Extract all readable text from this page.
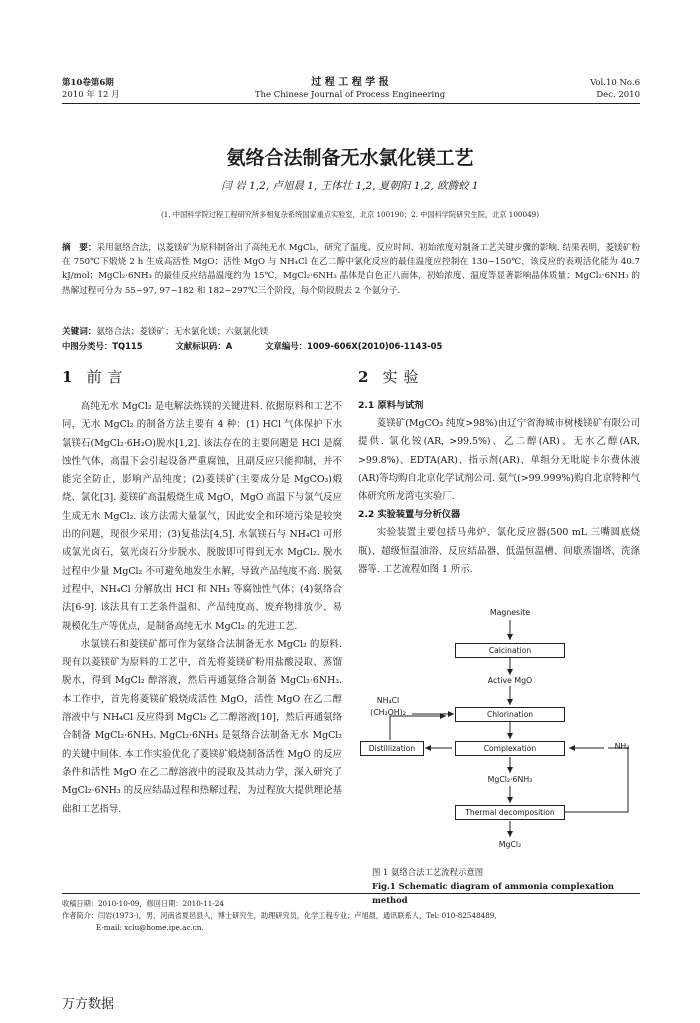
第10卷第6期
2010 年 12 月
过 程 工 程 学 报
The Chinese Journal of Process Engineering
Vol.10 No.6
Dec. 2010
氨络合法制备无水氯化镁工艺
闫 岩 1,2, 卢旭晨 1, 王体壮 1,2, 夏朝阳 1,2, 欧腾蛟 1
(1. 中国科学院过程工程研究所多相复杂系统国家重点实验室，北京 100190；2. 中国科学院研究生院，北京 100049)
摘　要：采用氨络合法，以菱镁矿为原料制备出了高纯无水 MgCl₂，研究了温度、反应时间、初始浓度对制备工艺关键步骤的影响. 结果表明，菱镁矿粉在 750℃下煅烧 2 h 生成高活性 MgO；活性 MgO 与 NH₄Cl 在乙二醇中氯化反应的最佳温度应控制在 130~150℃，该反应的表观活化能为 40.7 kJ/mol；MgCl₂·6NH₃ 的最佳反应结晶温度约为 15℃，MgCl₂·6NH₃ 晶体是白色正八面体，初始浓度、温度等显著影响晶体质量；MgCl₂·6NH₃ 的热解过程可分为 55~97, 97~182 和 182~297℃三个阶段，每个阶段脱去 2 个氨分子.
关键词：氨络合法；菱镁矿；无水氯化镁；六氨氯化镁
中图分类号：TQ115	文献标识码：A	文章编号：1009-606X(2010)06-1143-05
1 前言

高纯无水 MgCl₂ 是电解法炼镁的关键进料. 依据原料和工艺不同，无水 MgCl₂ 的制备方法主要有 4 种：(1) HCl 气体保护下水氯镁石(MgCl₂·6H₂O)脱水[1,2]. 该法存在的主要问题是 HCl 是腐蚀性气体，高温下会引起设备严重腐蚀，且副反应只能抑制，并不能完全防止，影响产品纯度；(2)菱镁矿(主要成分是 MgCO₃)煅烧、氯化[3]. 菱镁矿高温煅烧生成 MgO，MgO 高温下与氯气反应生成无水 MgCl₂. 该方法需大量氯气，因此安全和环境污染是较突出的问题，现很少采用；(3)复盐法[4,5]. 水氯镁石与 NH₄Cl 可形成氯光卤石，氨光卤石分步脱水、脱胺即可得到无水 MgCl₂. 脱水过程中少量 MgCl₂ 不可避免地发生水解，导致产品纯度不高. 脱氨过程中，NH₄Cl 分解放出 HCl 和 NH₃ 等腐蚀性气体；(4)氨络合法[6-9]. 该法具有工艺条件温和、产品纯度高、废弃物排放少、易规模化生产等优点，是制备高纯无水 MgCl₂ 的先进工艺.

水氯镁石和菱镁矿都可作为氨络合法制备无水 MgCl₂ 的原料. 现有以菱镁矿为原料的工艺中，首先将菱镁矿粉用盐酸浸取、蒸馏脱水，得到 MgCl₂ 醇溶液，然后再通氨络合制备 MgCl₂·6NH₃. 本工作中，首先将菱镁矿煅烧成活性 MgO，活性 MgO 在乙二醇溶液中与 NH₄Cl 反应得到 MgCl₂ 乙二醇溶液[10]，然后再通氨络合制备 MgCl₂·6NH₃. MgCl₂·6NH₃ 是氨络合法制备无水 MgCl₂ 的关键中间体. 本工作实验优化了菱镁矿煅烧制备活性 MgO 的反应条件和活性 MgO 在乙二醇溶液中的浸取及其动力学，深入研究了 MgCl₂·6NH₃ 的反应结晶过程和热解过程，为过程放大提供理论基础和工艺指导.

2 实验
2.1 原料与试剂

菱镁矿(MgCO₃ 纯度>98%)由辽宁省海城市树楼镁矿有限公司提供. 氯化铵(AR, >99.5%)、乙二醇(AR)、无水乙醇(AR, >99.8%)、EDTA(AR)、指示剂(AR)、单组分无吡啶卡尔费休液(AR)等均购自北京化学试剂公司. 氨气(>99.999%)购自北京特种气体研究所龙湾屯实验厂.

2.2 实验装置与分析仪器

实验装置主要包括马弗炉、氯化反应器(500 mL 三嘴圆底烧瓶)、超级恒温油浴、反应结晶器、低温恒温槽、间歇蒸馏塔、洗涤器等. 工艺流程如图 1 所示.

Magnesite
Calcination
Active MgO
NH₄Cl
(CH₂OH)₂	Chlorination
Distillization	Complexation	NH₃
MgCl₂·6NH₃
Thermal decomposition
MgCl₂
图 1 氨络合法工艺流程示意图
Fig.1 Schematic diagram of ammonia complexation method
收稿日期：2010-10-09，修回日期：2010-11-24
作者简介：闫岩(1973-)，男，河南省夏邑县人，博士研究生，助理研究员，化学工程专业；卢旭晨，通讯联系人，Tel: 010-82548489,
E-mail: xclu@home.ipe.ac.cn.
万方数据
